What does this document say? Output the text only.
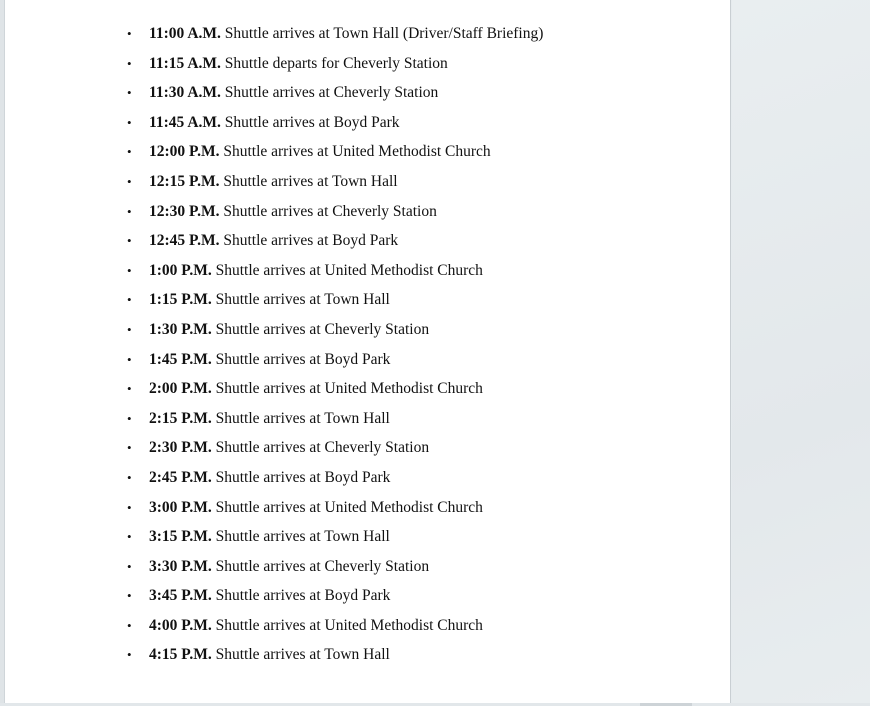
• 11:00 A.M. Shuttle arrives at Town Hall (Driver/Staff Briefing)
• 11:15 A.M. Shuttle departs for Cheverly Station
• 11:30 A.M. Shuttle arrives at Cheverly Station
• 11:45 A.M. Shuttle arrives at Boyd Park
• 12:00 P.M. Shuttle arrives at United Methodist Church
• 12:15 P.M. Shuttle arrives at Town Hall
• 12:30 P.M. Shuttle arrives at Cheverly Station
• 12:45 P.M. Shuttle arrives at Boyd Park
• 1:00 P.M. Shuttle arrives at United Methodist Church
• 1:15 P.M. Shuttle arrives at Town Hall
• 1:30 P.M. Shuttle arrives at Cheverly Station
• 1:45 P.M. Shuttle arrives at Boyd Park
• 2:00 P.M. Shuttle arrives at United Methodist Church
• 2:15 P.M. Shuttle arrives at Town Hall
• 2:30 P.M. Shuttle arrives at Cheverly Station
• 2:45 P.M. Shuttle arrives at Boyd Park
• 3:00 P.M. Shuttle arrives at United Methodist Church
• 3:15 P.M. Shuttle arrives at Town Hall
• 3:30 P.M. Shuttle arrives at Cheverly Station
• 3:45 P.M. Shuttle arrives at Boyd Park
• 4:00 P.M. Shuttle arrives at United Methodist Church
• 4:15 P.M. Shuttle arrives at Town Hall
